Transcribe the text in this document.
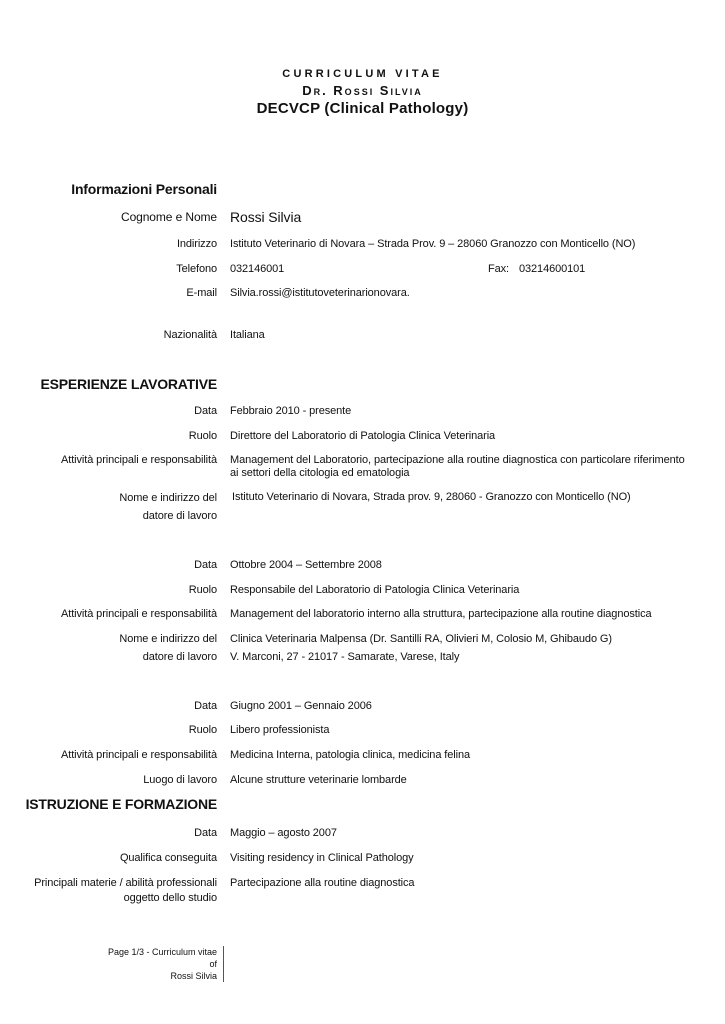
CURRICULUM VITAE
Dr. Rossi Silvia
DECVCP (Clinical Pathology)
Informazioni Personali
Cognome e Nome Rossi Silvia
Indirizzo Istituto Veterinario di Novara – Strada Prov. 9 – 28060 Granozzo con Monticello (NO)
Telefono 032146001	Fax: 03214600101
E-mail Silvia.rossi@istitutoveterinarionovara.
Nazionalità Italiana
ESPERIENZE LAVORATIVE
Data Febbraio 2010 - presente
Ruolo Direttore del Laboratorio di Patologia Clinica Veterinaria
Attività principali e responsabilità Management del Laboratorio, partecipazione alla routine diagnostica con particolare riferimento ai settori della citologia ed ematologia
Nome e indirizzo del
datore di lavoro
Istituto Veterinario di Novara, Strada prov. 9, 28060 - Granozzo con Monticello (NO)
Data Ottobre 2004 – Settembre 2008
Ruolo Responsabile del Laboratorio di Patologia Clinica Veterinaria
Attività principali e responsabilità Management del laboratorio interno alla struttura, partecipazione alla routine diagnostica
Nome e indirizzo del
datore di lavoro
Clinica Veterinaria Malpensa (Dr. Santilli RA, Olivieri M, Colosio M, Ghibaudo G)
V. Marconi, 27 - 21017 - Samarate, Varese, Italy
Data Giugno 2001 – Gennaio 2006
Ruolo Libero professionista
Attività principali e responsabilità Medicina Interna, patologia clinica, medicina felina
Luogo di lavoro Alcune strutture veterinarie lombarde
ISTRUZIONE E FORMAZIONE
Data Maggio – agosto 2007
Qualifica conseguita Visiting residency in Clinical Pathology
Principali materie / abilità professionali
oggetto dello studio
Partecipazione alla routine diagnostica
Page 1/3 - Curriculum vitae of
Rossi Silvia
